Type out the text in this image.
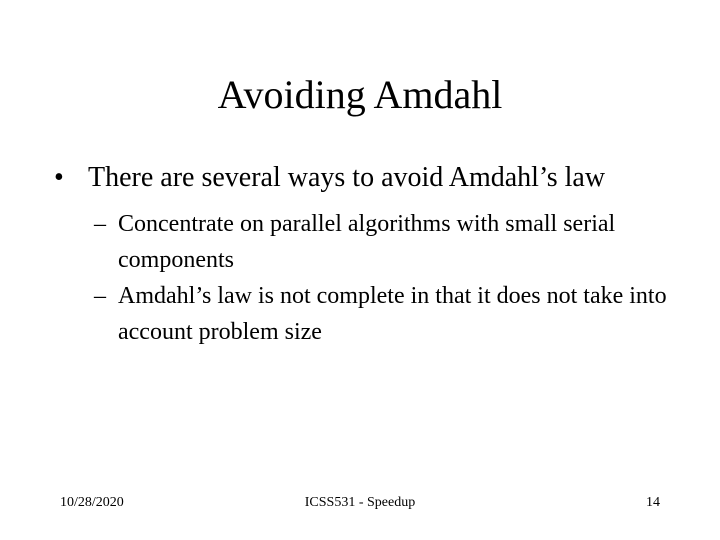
Avoiding Amdahl

• There are several ways to avoid Amdahl’s law

– Concentrate on parallel algorithms with small serial components

– Amdahl’s law is not complete in that it does not take into account problem size

10/28/2020	ICSS531 - Speedup	14
